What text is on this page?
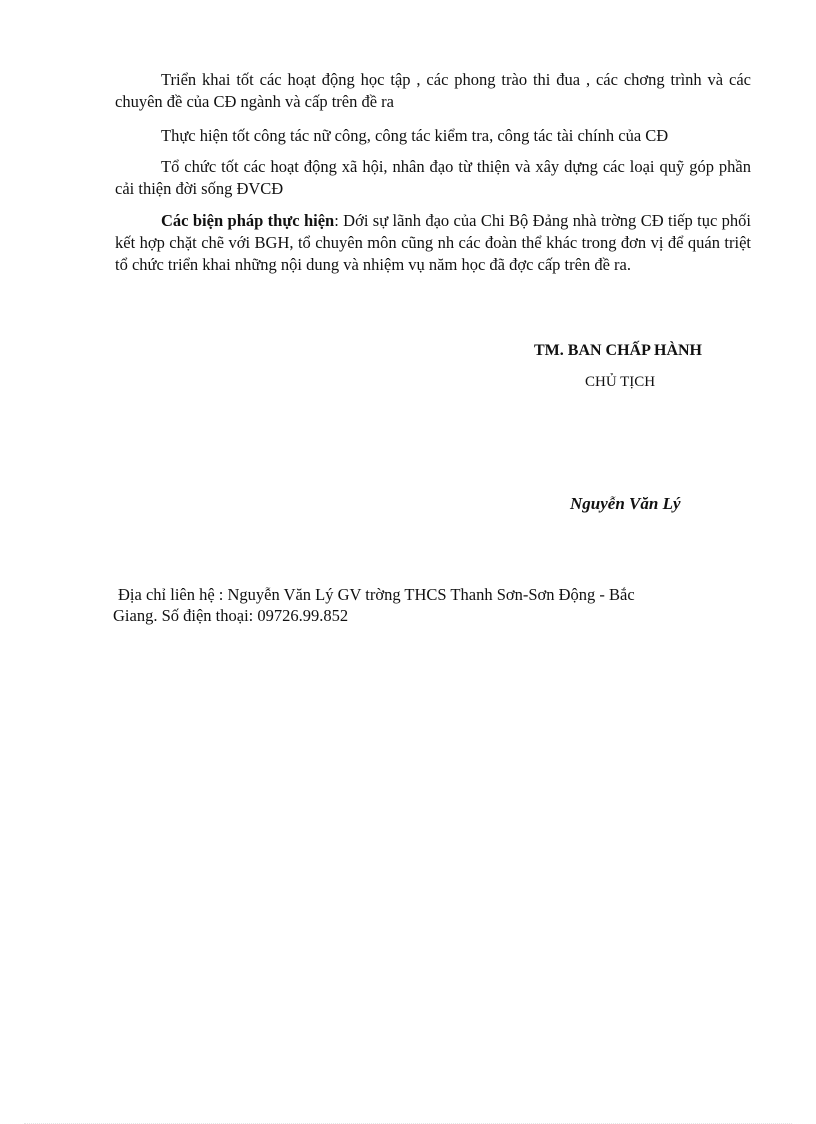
Triển khai tốt các hoạt động học tập , các phong trào thi đua , các chơng trình và các chuyên đề của CĐ ngành và cấp trên đề ra

Thực hiện tốt công tác nữ công, công tác kiểm tra, công tác tài chính của CĐ

Tổ chức tốt các hoạt động xã hội, nhân đạo từ thiện và xây dựng các loại quỹ góp phần cải thiện đời sống ĐVCĐ

Các biện pháp thực hiện: Dới sự lãnh đạo của Chi Bộ Đảng nhà trờng CĐ tiếp tục phối kết hợp chặt chẽ với BGH, tổ chuyên môn cũng nh các đoàn thể khác trong đơn vị để quán triệt tổ chức triển khai những nội dung và nhiệm vụ năm học đã đợc cấp trên đề ra.

TM. BAN CHẤP HÀNH
CHỦ TỊCH
Nguyễn Văn Lý
Địa chỉ liên hệ : Nguyễn Văn Lý GV trờng THCS Thanh Sơn-Sơn Động - Bắc
Giang. Số điện thoại: 09726.99.852
